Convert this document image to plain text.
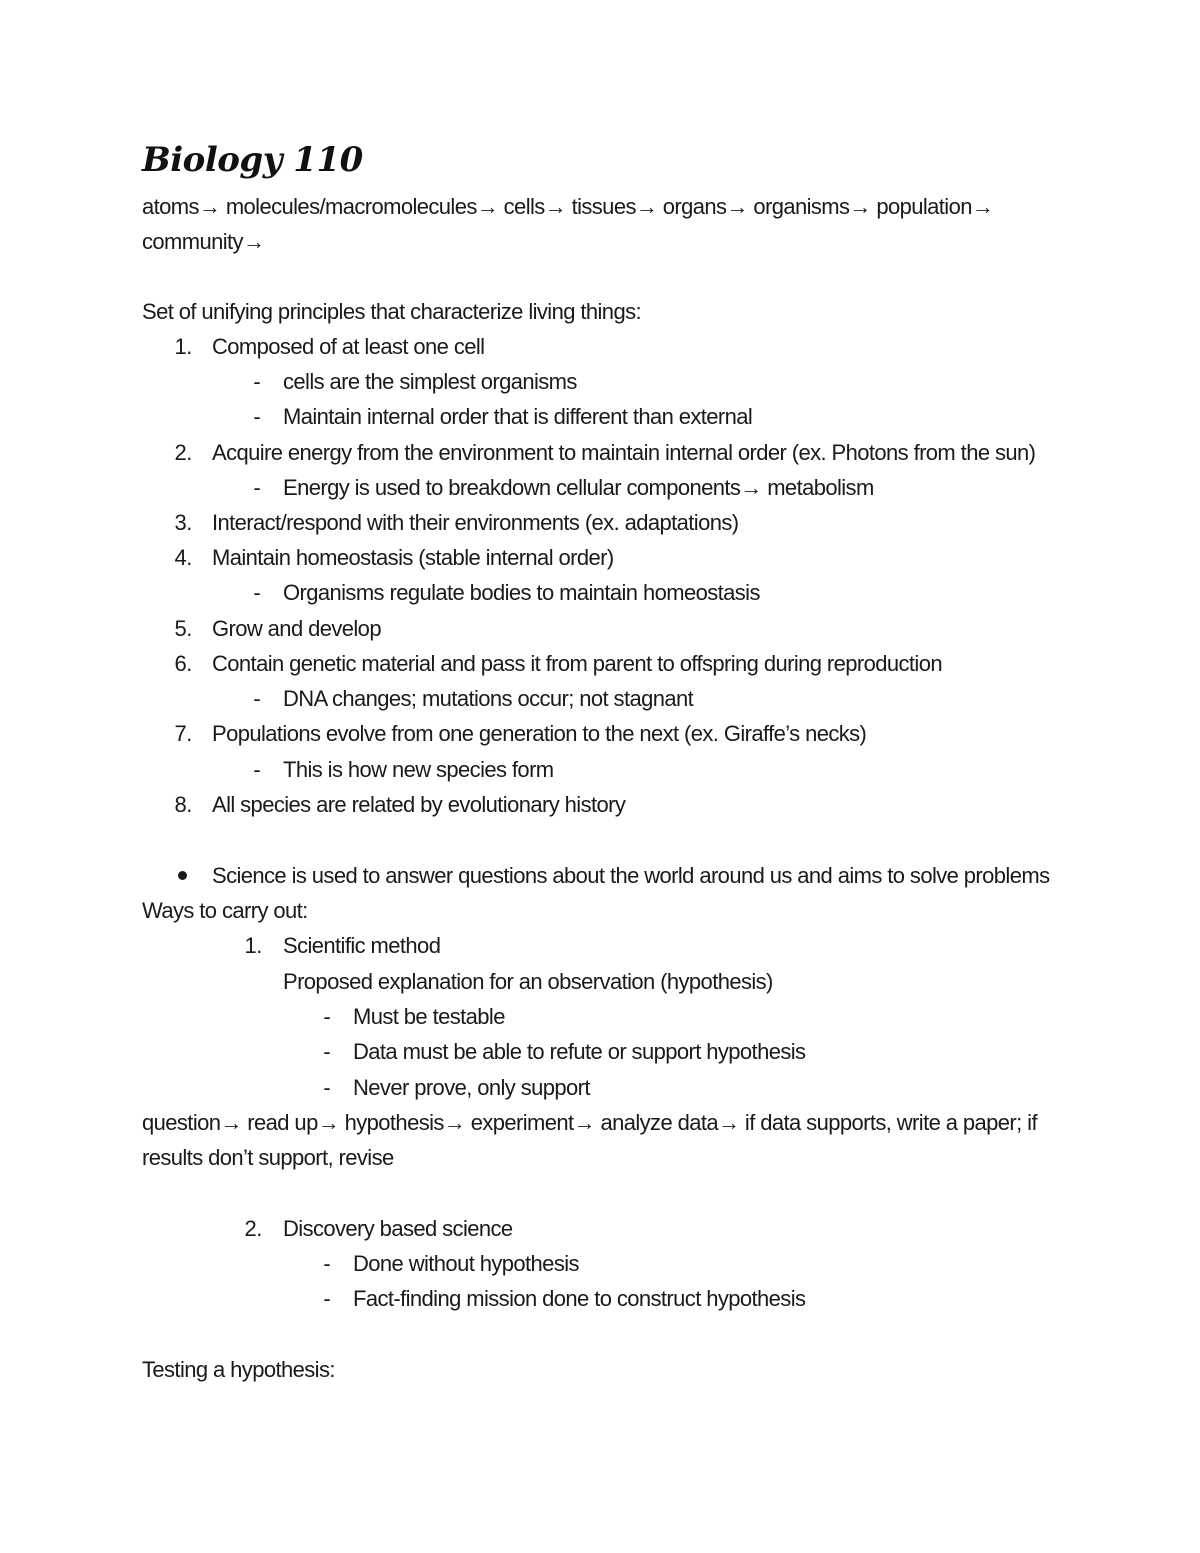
Biology 110
atoms→ molecules/macromolecules→ cells→ tissues→ organs→ organisms→ population→
community→
Set of unifying principles that characterize living things:
1. Composed of at least one cell
- cells are the simplest organisms
- Maintain internal order that is different than external
2. Acquire energy from the environment to maintain internal order (ex. Photons from the sun)
- Energy is used to breakdown cellular components→ metabolism
3. Interact/respond with their environments (ex. adaptations)
4. Maintain homeostasis (stable internal order)
- Organisms regulate bodies to maintain homeostasis
5. Grow and develop
6. Contain genetic material and pass it from parent to offspring during reproduction
- DNA changes; mutations occur; not stagnant
7. Populations evolve from one generation to the next (ex. Giraffe’s necks)
- This is how new species form
8. All species are related by evolutionary history
Science is used to answer questions about the world around us and aims to solve problems
Ways to carry out:
1. Scientific method
Proposed explanation for an observation (hypothesis)
- Must be testable
- Data must be able to refute or support hypothesis
- Never prove, only support
question→ read up→ hypothesis→ experiment→ analyze data→ if data supports, write a paper; if
results don’t support, revise
2. Discovery based science
- Done without hypothesis
- Fact-finding mission done to construct hypothesis
Testing a hypothesis:
